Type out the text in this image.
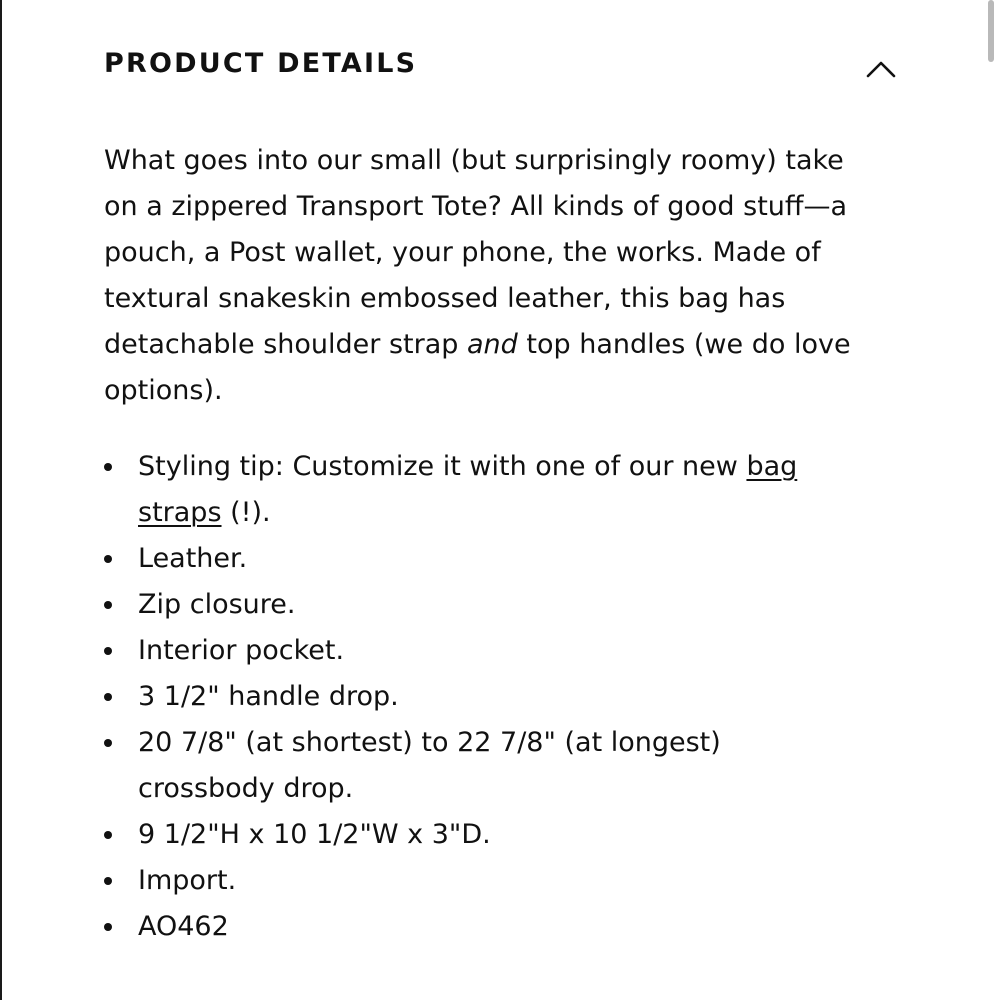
PRODUCT DETAILS

What goes into our small (but surprisingly roomy) take on a zippered Transport Tote? All kinds of good stuff—a pouch, a Post wallet, your phone, the works. Made of textural snakeskin embossed leather, this bag has detachable shoulder strap and top handles (we do love options).

Styling tip: Customize it with one of our new bag straps (!).
Leather.
Zip closure.
Interior pocket.
3 1/2" handle drop.
20 7/8" (at shortest) to 22 7/8" (at longest) crossbody drop.
9 1/2"H x 10 1/2"W x 3"D.
Import.
AO462
